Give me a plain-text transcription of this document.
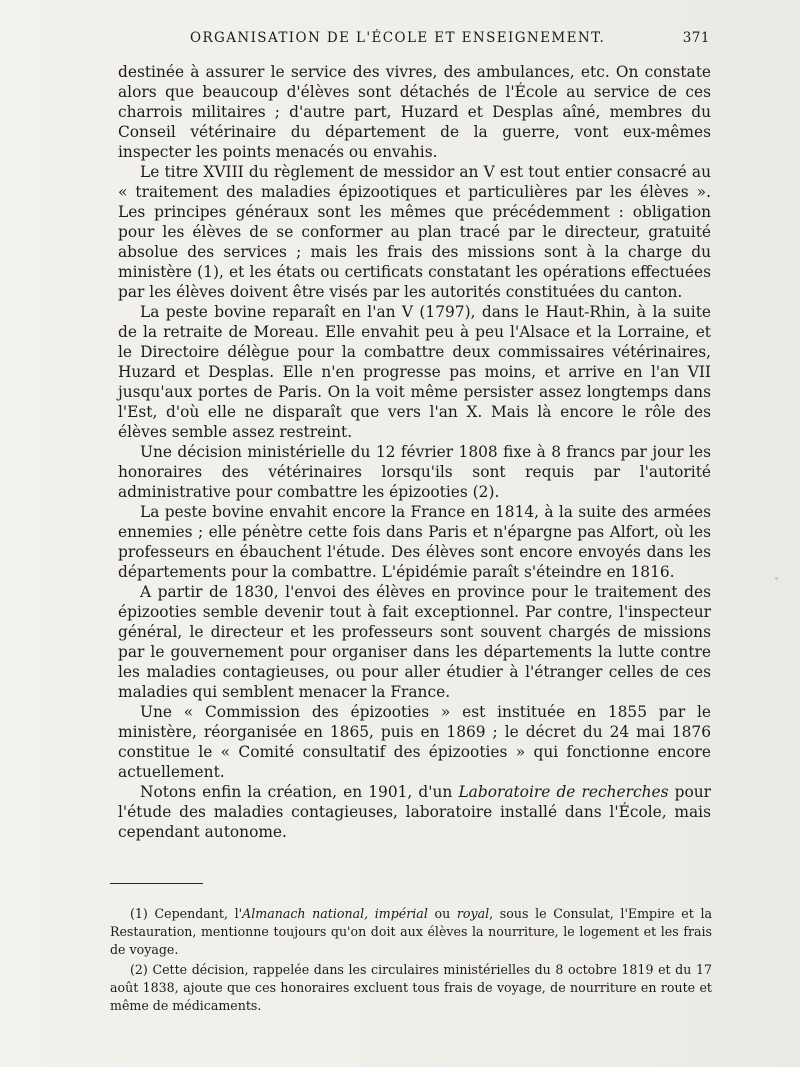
ORGANISATION DE L'ÉCOLE ET ENSEIGNEMENT.	371

destinée à assurer le service des vivres, des ambulances, etc. On constate alors que beaucoup d'élèves sont détachés de l'École au service de ces charrois militaires ; d'autre part, Huzard et Desplas aîné, membres du Conseil vétérinaire du département de la guerre, vont eux-mêmes inspecter les points menacés ou envahis.

Le titre XVIII du règlement de messidor an V est tout entier consacré au « traitement des maladies épizootiques et particulières par les élèves ». Les principes généraux sont les mêmes que précédemment : obligation pour les élèves de se conformer au plan tracé par le directeur, gratuité absolue des services ; mais les frais des missions sont à la charge du ministère (1), et les états ou certificats constatant les opérations effectuées par les élèves doivent être visés par les autorités constituées du canton.

La peste bovine reparaît en l'an V (1797), dans le Haut-Rhin, à la suite de la retraite de Moreau. Elle envahit peu à peu l'Alsace et la Lorraine, et le Directoire délègue pour la combattre deux commissaires vétérinaires, Huzard et Desplas. Elle n'en progresse pas moins, et arrive en l'an VII jusqu'aux portes de Paris. On la voit même persister assez longtemps dans l'Est, d'où elle ne disparaît que vers l'an X. Mais là encore le rôle des élèves semble assez restreint.

Une décision ministérielle du 12 février 1808 fixe à 8 francs par jour les honoraires des vétérinaires lorsqu'ils sont requis par l'autorité administrative pour combattre les épizooties (2).

La peste bovine envahit encore la France en 1814, à la suite des armées ennemies ; elle pénètre cette fois dans Paris et n'épargne pas Alfort, où les professeurs en ébauchent l'étude. Des élèves sont encore envoyés dans les départements pour la combattre. L'épidémie paraît s'éteindre en 1816.

A partir de 1830, l'envoi des élèves en province pour le traitement des épizooties semble devenir tout à fait exceptionnel. Par contre, l'inspecteur général, le directeur et les professeurs sont souvent chargés de missions par le gouvernement pour organiser dans les départements la lutte contre les maladies contagieuses, ou pour aller étudier à l'étranger celles de ces maladies qui semblent menacer la France.

Une « Commission des épizooties » est instituée en 1855 par le ministère, réorganisée en 1865, puis en 1869 ; le décret du 24 mai 1876 constitue le « Comité consultatif des épizooties » qui fonctionne encore actuellement.

Notons enfin la création, en 1901, d'un Laboratoire de recherches pour l'étude des maladies contagieuses, laboratoire installé dans l'École, mais cependant autonome.

(1) Cependant, l'Almanach national, impérial ou royal, sous le Consulat, l'Empire et la Restauration, mentionne toujours qu'on doit aux élèves la nourriture, le logement et les frais de voyage.

(2) Cette décision, rappelée dans les circulaires ministérielles du 8 octobre 1819 et du 17 août 1838, ajoute que ces honoraires excluent tous frais de voyage, de nourriture en route et même de médicaments.
